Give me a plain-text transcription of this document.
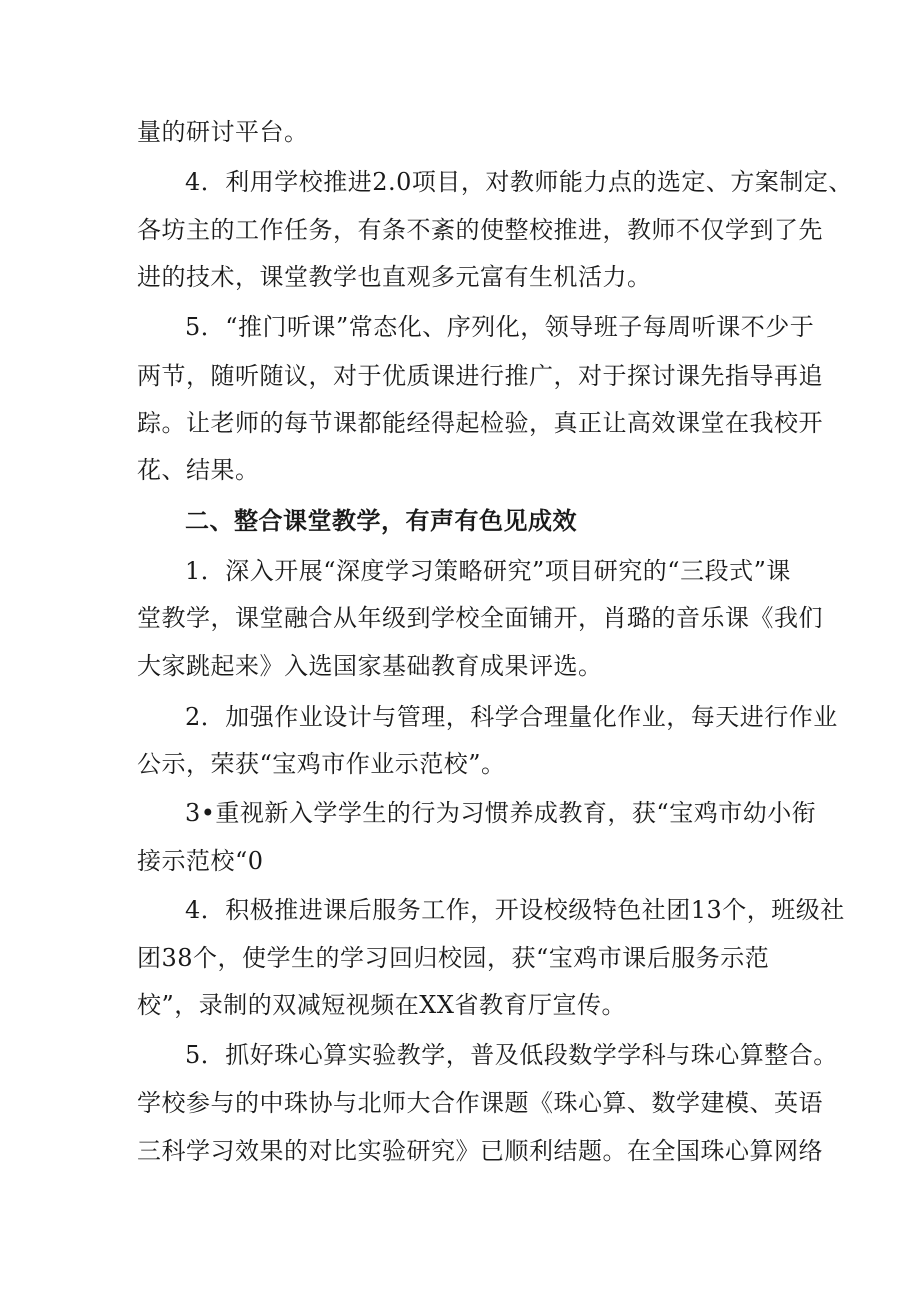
量的研讨平台。
4．利用学校推进2.0项目，对教师能力点的选定、方案制定、
各坊主的工作任务，有条不紊的使整校推进，教师不仅学到了先
进的技术，课堂教学也直观多元富有生机活力。
5．“推门听课”常态化、序列化，领导班子每周听课不少于
两节，随听随议，对于优质课进行推广，对于探讨课先指导再追
踪。让老师的每节课都能经得起检验，真正让高效课堂在我校开
花、结果。
二、整合课堂教学，有声有色见成效
1．深入开展“深度学习策略研究”项目研究的“三段式”课
堂教学，课堂融合从年级到学校全面铺开，肖璐的音乐课《我们
大家跳起来》入选国家基础教育成果评选。
2．加强作业设计与管理，科学合理量化作业，每天进行作业
公示，荣获“宝鸡市作业示范校”。
3•重视新入学学生的行为习惯养成教育，获“宝鸡市幼小衔
接示范校“0
4．积极推进课后服务工作，开设校级特色社团13个，班级社
团38个，使学生的学习回归校园，获“宝鸡市课后服务示范
校”，录制的双减短视频在XX省教育厅宣传。
5．抓好珠心算实验教学，普及低段数学学科与珠心算整合。
学校参与的中珠协与北师大合作课题《珠心算、数学建模、英语
三科学习效果的对比实验研究》已顺利结题。在全国珠心算网络
